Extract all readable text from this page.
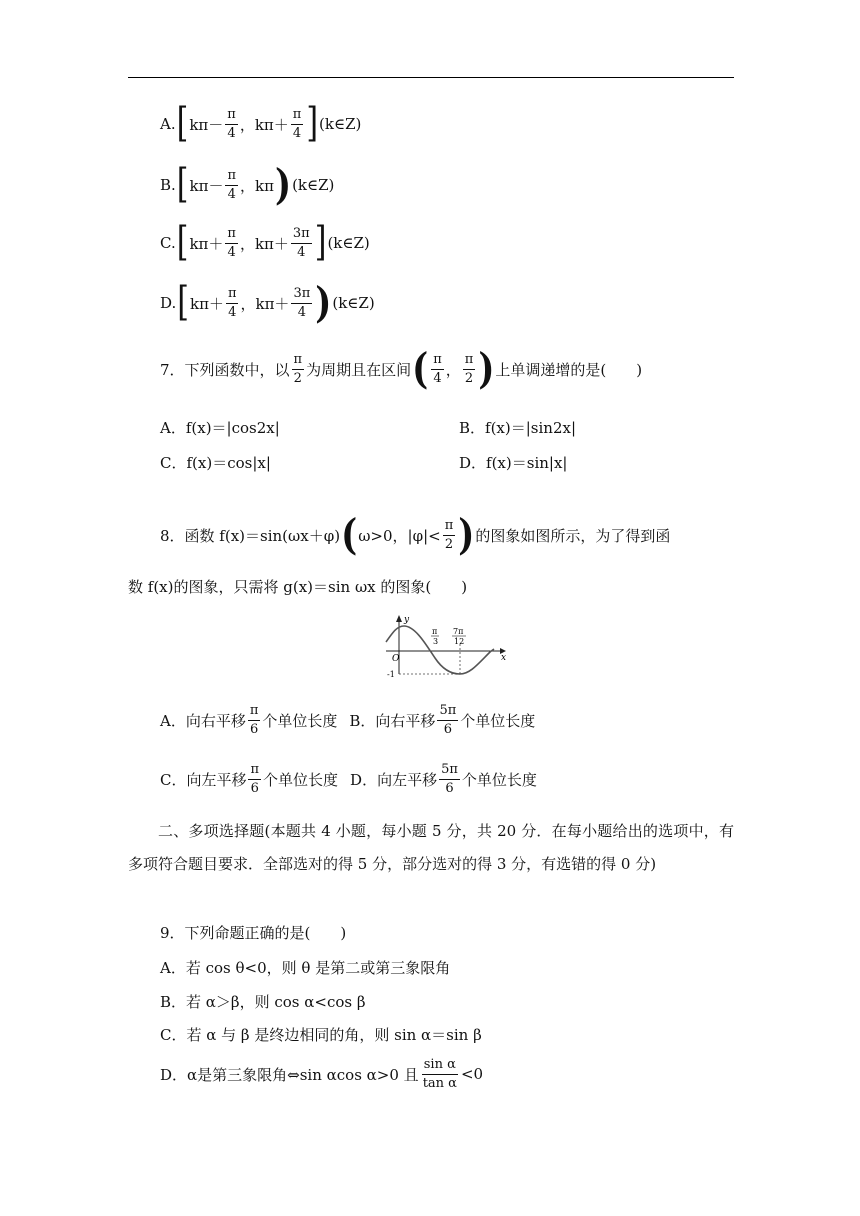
A. [ $k\pi- \frac{\pi}{4}$ ，$k\pi+ \frac{\pi}{4}$ ] (k∈Z)
B. [ $k\pi- \frac{\pi}{4}$ ，kπ ) (k∈Z)
C. [ $k\pi+ \frac{\pi}{4}$ ，$k\pi+ \frac{3\pi}{4}$ ] (k∈Z)
D. [ $k\pi+ \frac{\pi}{4}$ ，$k\pi+ \frac{3\pi}{4}$ ) (k∈Z)
7．下列函数中，以 $\frac{\pi}{2}$ 为周期且在区间 ( $\frac{\pi}{4}$ ， $\frac{\pi}{2}$ ) 上单调递增的是(　　)
A．f(x)＝|cos2x|	B．f(x)＝|sin2x|
C．f(x)＝cos|x|	D．f(x)＝sin|x|
8．函数 f(x)＝sin(ωx＋φ) ( ω>0，$|\varphi|< \frac{\pi}{2}$ ) 的图象如图所示，为了得到函
数 f(x)的图象，只需将 g(x)＝sin ωx 的图象(　　)
y
x
O
-1
π
3
7π
12
A．向右平移 $\frac{\pi}{6}$ 个单位长度 B．向右平移 $\frac{5\pi}{6}$ 个单位长度
C．向左平移 $\frac{\pi}{6}$ 个单位长度 D．向左平移 $\frac{5\pi}{6}$ 个单位长度
二、多项选择题(本题共 4 小题，每小题 5 分，共 20 分．在每小题给出的选项中，有多项符合题目要求．全部选对的得 5 分，部分选对的得 3 分，有选错的得 0 分)
9．下列命题正确的是(　　)
A．若 cos θ<0，则 θ 是第二或第三象限角
B．若 α＞β，则 cos α<cos β
C．若 α 与 β 是终边相同的角，则 sin α＝sin β
D．α是第三象限角⇔sin αcos α>0 且 $\frac{\text{sin α}}{\text{tan α}} <0$
